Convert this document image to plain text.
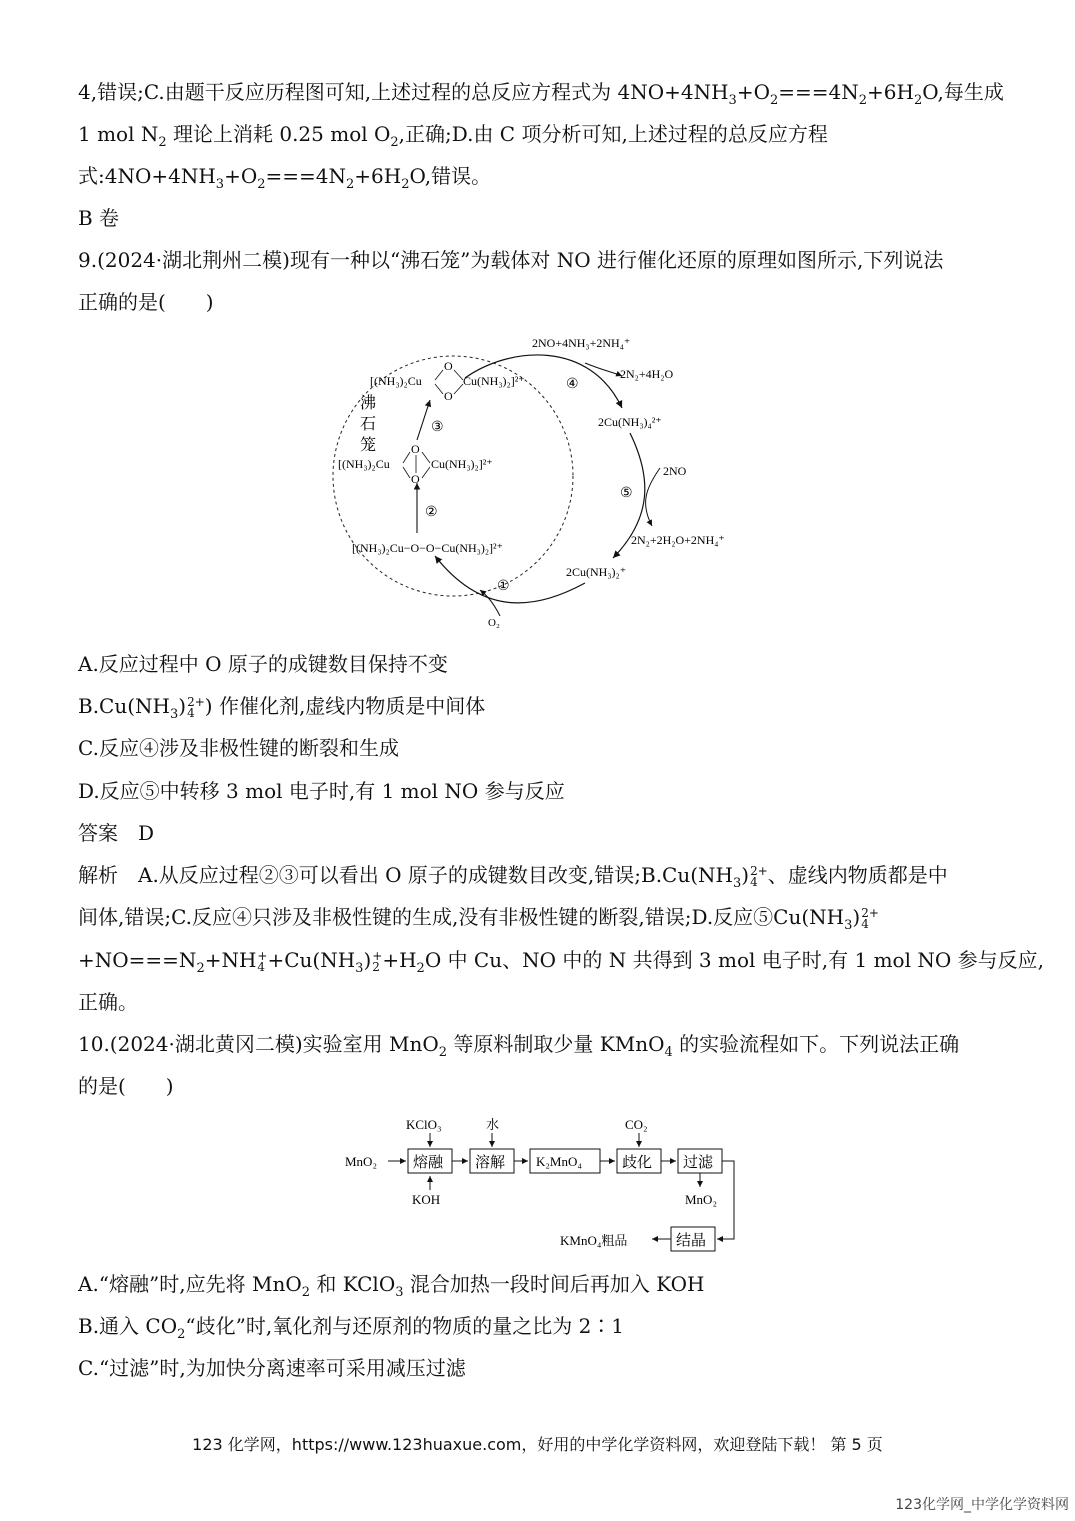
4,错误;C.由题干反应历程图可知,上述过程的总反应方程式为 $4NO+4NH_3+O_2===4N_2+6H_2O$,每生成
1 mol $N_2$ 理论上消耗 0.25 mol $O_2$,正确;D.由 C 项分析可知,上述过程的总反应方程
式$:4NO+4NH_3+O_2===4N_2+6H_2O$,错误。
B 卷
9.(2024·湖北荆州二模)现有一种以“沸石笼”为载体对 NO 进行催化还原的原理如图所示,下列说法
正确的是(　　)
[(NH₃)₂Cu
O
O
Cu(NH₃)₂]²⁺
沸
石
笼
③
[(NH₃)₂Cu
O
O
Cu(NH₃)₂]²⁺
②
[(NH₃)₂Cu−O−O−Cu(NH₃)₂]²⁺
2NO+4NH₃+2NH₄⁺
④
2N₂+4H₂O
2Cu(NH₃)₄²⁺
2NO
⑤
2N₂+2H₂O+2NH₄⁺
2Cu(NH₃)₂⁺
①
O₂
A.反应过程中 O 原子的成键数目保持不变
$B.Cu(NH_3)$ 2+
4 ) 作催化剂,虚线内物质是中间体
C.反应④涉及非极性键的断裂和生成
D.反应⑤中转移 3 mol 电子时,有 1 mol NO 参与反应
答案　D
解析　A.从反应过程②③可以看出 O 原子的成键数目改变,错误$;B.Cu(NH_3)$ 2+
4 、虚线内物质都是中
间体,错误;C.反应④只涉及非极性键的生成,没有非极性键的断裂,错误;D.反应$⑤Cu(NH_3)$ 2+
4
$+NO===N_2+NH$ +
$4 +Cu(NH_3)$ +
$2 +H_2O$ 中 Cu、NO 中的 N 共得到 3 mol 电子时,有 1 mol NO 参与反应,
正确。
10.(2024·湖北黄冈二模)实验室用 MnO$_2$ 等原料制取少量 KMnO$_4$ 的实验流程如下。下列说法正确
的是(　　)
MnO₂
KClO₃
KOH
水	CO₂
MnO₂
KMnO₄粗品
熔融 溶解 K₂MnO₄	歧化 过滤
结晶
A.“熔融”时,应先将 MnO$_2$ 和 KClO$_3$ 混合加热一段时间后再加入 KOH
B.通入 $CO_2“$歧化”时,氧化剂与还原剂的物质的量之比为 2∶1
C.“过滤”时,为加快分离速率可采用减压过滤
123 化学网，https://www.123huaxue.com，好用的中学化学资料网，欢迎登陆下载！ 第 5 页
123化学网_中学化学资料网
